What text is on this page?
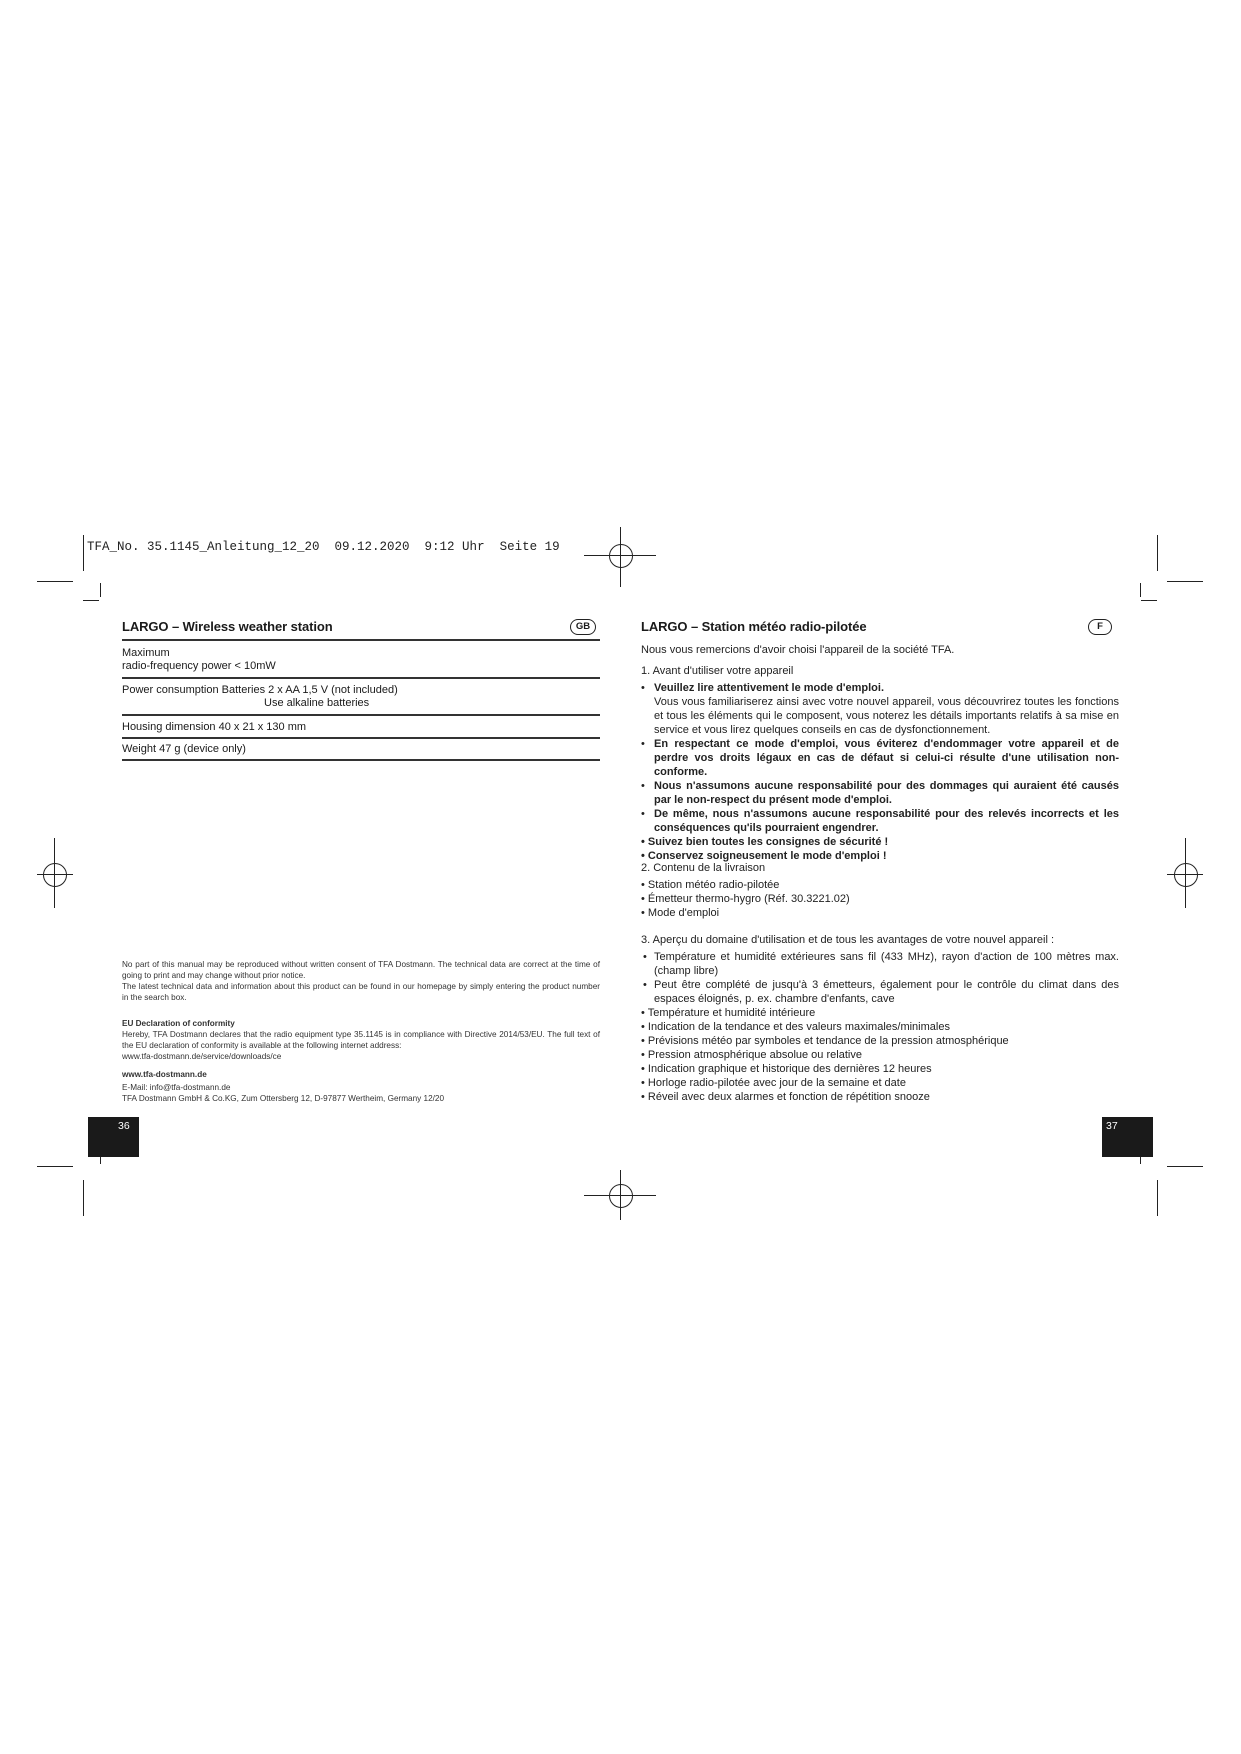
TFA_No. 35.1145_Anleitung_12_20  09.12.2020  9:12 Uhr  Seite 19
LARGO – Wireless weather station	GB
Maximum
radio-frequency power < 10mW
Power consumption Batteries 2 x AA 1,5 V (not included)
Use alkaline batteries
Housing dimension 40 x 21 x 130 mm
Weight 47 g (device only)
No part of this manual may be reproduced without written consent of TFA Dostmann. The technical data are correct at the time of going to print and may change without prior notice.
The latest technical data and information about this product can be found in our homepage by simply entering the product number in the search box.
EU Declaration of conformity
Hereby, TFA Dostmann declares that the radio equipment type 35.1145 is in compliance with Directive 2014/53/EU. The full text of the EU declaration of conformity is available at the following internet address:
www.tfa-dostmann.de/service/downloads/ce
www.tfa-dostmann.de
E-Mail: info@tfa-dostmann.de
TFA Dostmann GmbH & Co.KG, Zum Ottersberg 12, D-97877 Wertheim, Germany 12/20
36
LARGO – Station météo radio-pilotée	F
Nous vous remercions d'avoir choisi l'appareil de la société TFA.
1. Avant d'utiliser votre appareil
• Veuillez lire attentivement le mode d'emploi.
Vous vous familiariserez ainsi avec votre nouvel appareil, vous découvrirez toutes les fonctions et tous les éléments qui le composent, vous noterez les détails importants relatifs à sa mise en service et vous lirez quelques conseils en cas de dysfonctionnement.
• En respectant ce mode d'emploi, vous éviterez d'endommager votre appareil et de perdre vos droits légaux en cas de défaut si celui-ci résulte d'une utilisation non-conforme.
• Nous n'assumons aucune responsabilité pour des dommages qui auraient été causés par le non-respect du présent mode d'emploi.
• De même, nous n'assumons aucune responsabilité pour des relevés incorrects et les conséquences qu'ils pourraient engendrer.
• Suivez bien toutes les consignes de sécurité !
• Conservez soigneusement le mode d'emploi !
2. Contenu de la livraison
• Station météo radio-pilotée
• Émetteur thermo-hygro (Réf. 30.3221.02)
• Mode d'emploi
3. Aperçu du domaine d'utilisation et de tous les avantages de votre nouvel appareil :
• Température et humidité extérieures sans fil (433 MHz), rayon d'action de 100 mètres max. (champ libre)
• Peut être complété de jusqu'à 3 émetteurs, également pour le contrôle du climat dans des espaces éloignés, p. ex. chambre d'enfants, cave
• Température et humidité intérieure
• Indication de la tendance et des valeurs maximales/minimales
• Prévisions météo par symboles et tendance de la pression atmosphérique
• Pression atmosphérique absolue ou relative
• Indication graphique et historique des dernières 12 heures
• Horloge radio-pilotée avec jour de la semaine et date
• Réveil avec deux alarmes et fonction de répétition snooze
37
